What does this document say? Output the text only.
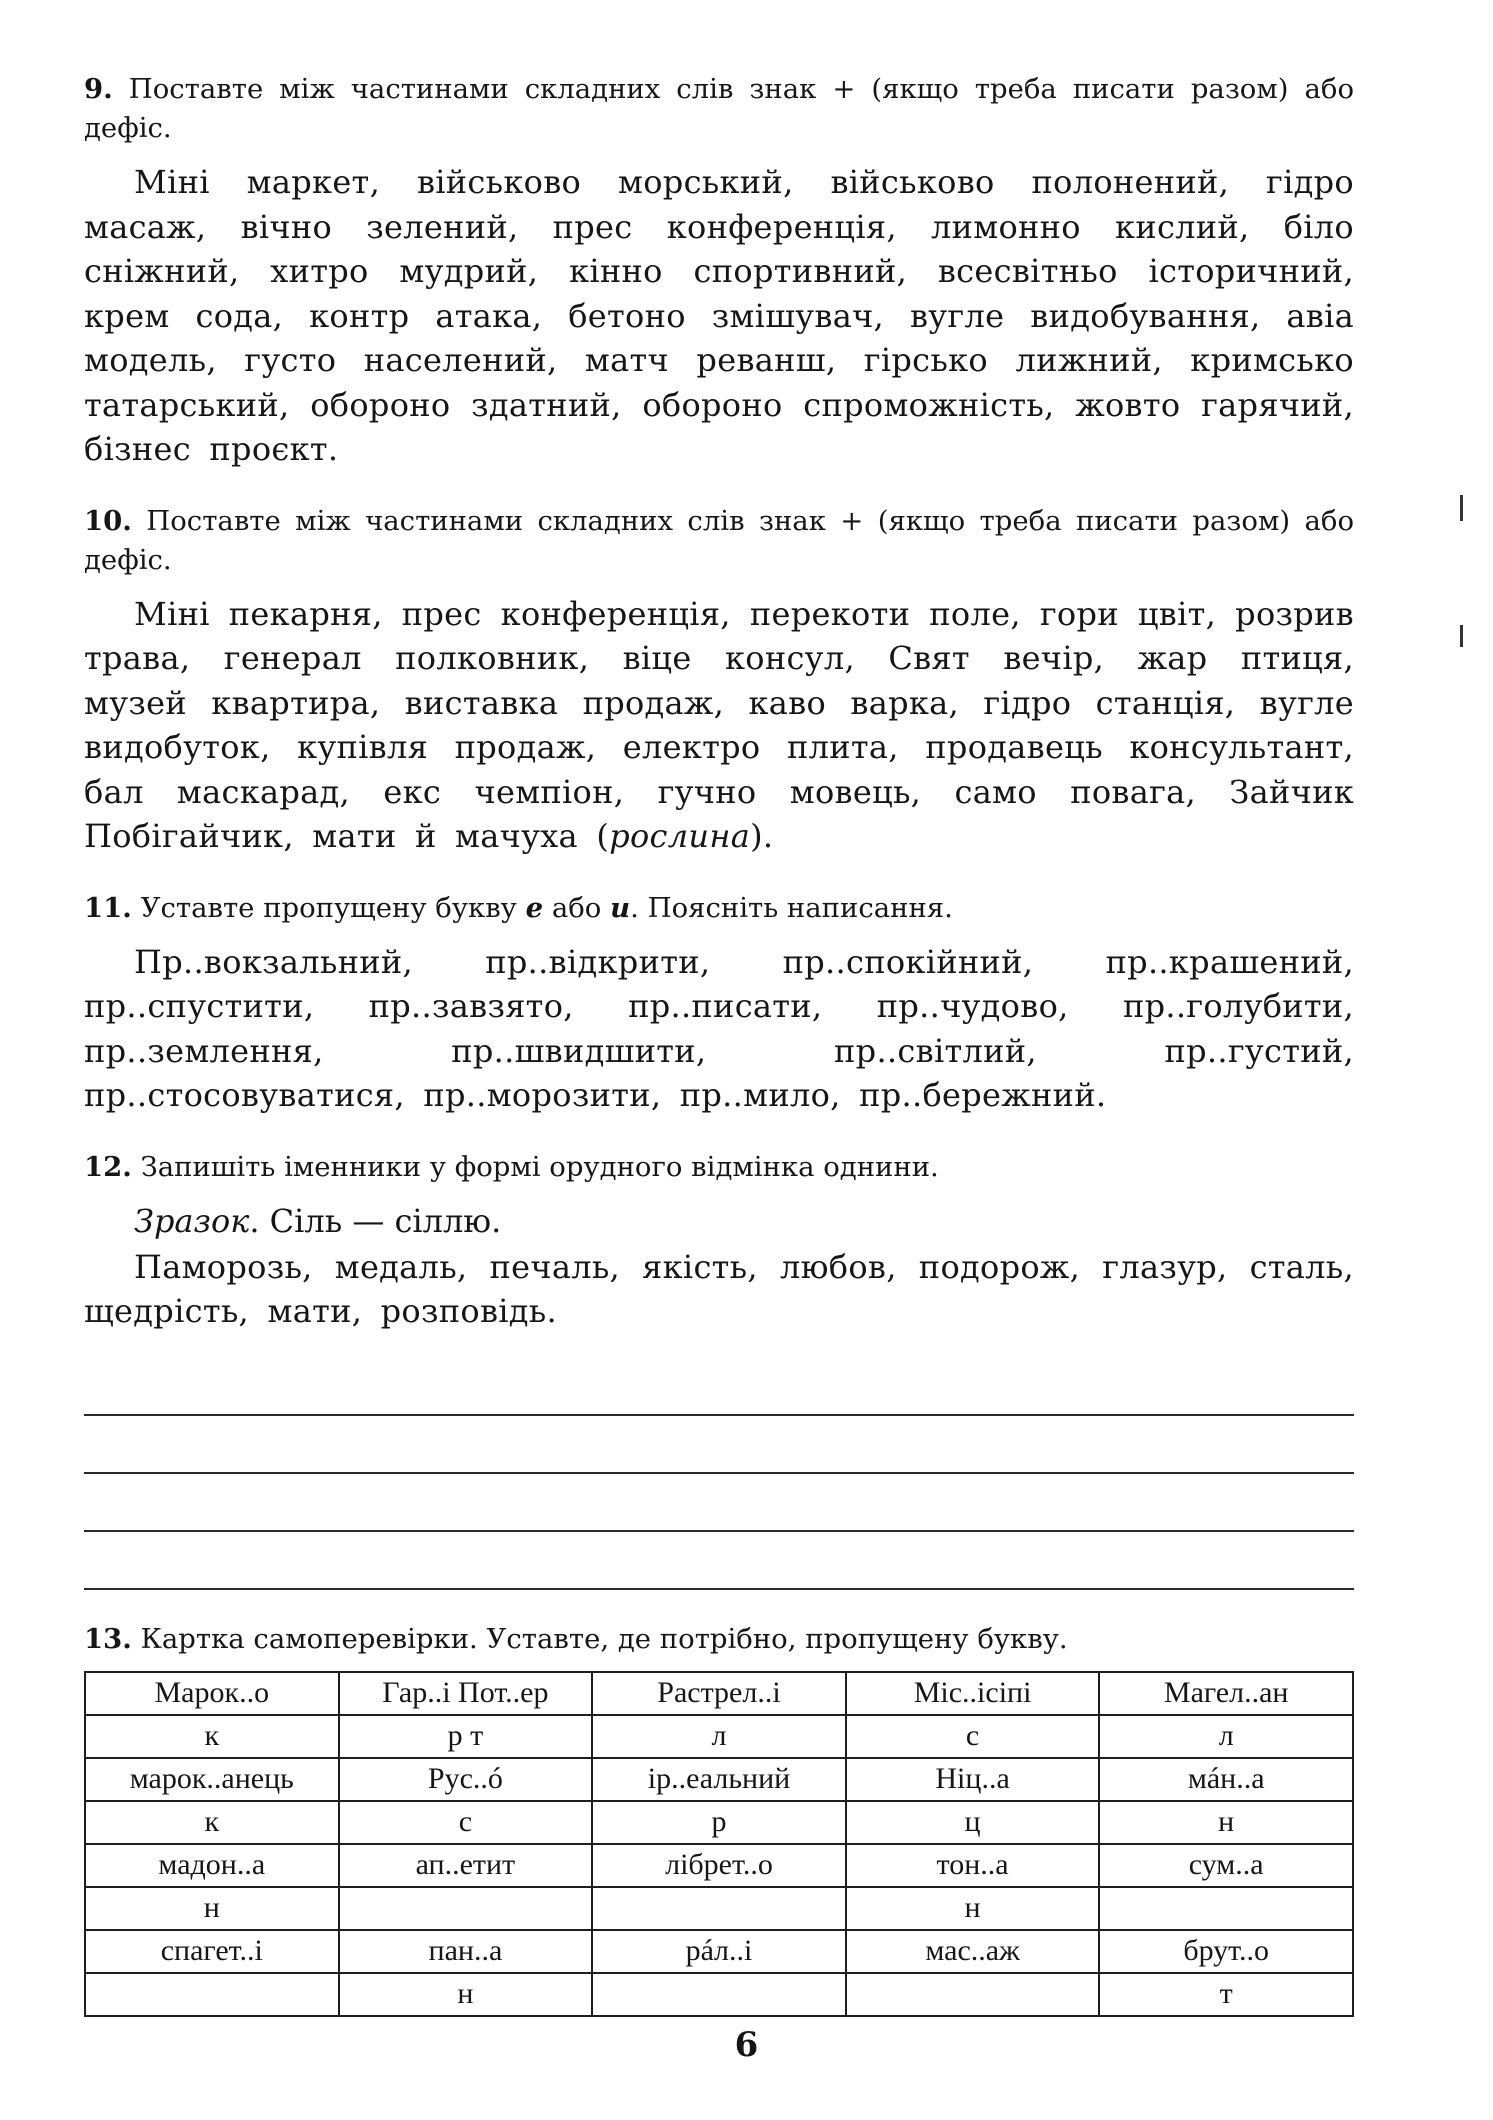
9. Поставте між частинами складних слів знак + (якщо треба писати разом) або дефіс.

Міні маркет, військово морський, військово полонений, гідро масаж, вічно зелений, прес конференція, лимонно кислий, біло сніжний, хитро мудрий, кінно спортивний, всесвітньо історичний, крем сода, контр атака, бетоно змішувач, вугле видобування, авіа модель, густо населений, матч реванш, гірсько лижний, кримсько татарський, обороно здатний, обороно спроможність, жовто гарячий, бізнес проєкт.

10. Поставте між частинами складних слів знак + (якщо треба писати разом) або дефіс.

Міні пекарня, прес конференція, перекоти поле, гори цвіт, розрив трава, генерал полковник, віце консул, Свят вечір, жар птиця, музей квартира, виставка продаж, каво варка, гідро станція, вугле видобуток, купівля продаж, електро плита, продавець консультант, бал маскарад, екс чемпіон, гучно мовець, само повага, Зайчик Побігайчик, мати й мачуха (рослина).

11. Уставте пропущену букву е або и. Поясніть написання.

Пр..вокзальний, пр..відкрити, пр..спокійний, пр..крашений, пр..спустити, пр..завзято, пр..писати, пр..чудово, пр..голубити, пр..землення, пр..швидшити, пр..світлий, пр..густий, пр..стосовуватися, пр..морозити, пр..мило, пр..бережний.

12. Запишіть іменники у формі орудного відмінка однини.

Зразок. Сіль — сіллю.

Паморозь, медаль, печаль, якість, любов, подорож, глазур, сталь, щедрість, мати, розповідь.

13. Картка самоперевірки. Уставте, де потрібно, пропущену букву.

Марок..о	Гар..і Пот..ер	Растрел..і	Міс..ісіпі	Магел..ан
к	р т	л	с	л
марок..анець	Рус..ó	ір..еальний	Ніц..а	мáн..а
к	с	р	ц	н
мадон..а	ап..етит	лібрет..о	тон..а	сум..а
н			н	
спагет..і	пан..а	рáл..і	мас..аж	брут..о
	н			т
6
